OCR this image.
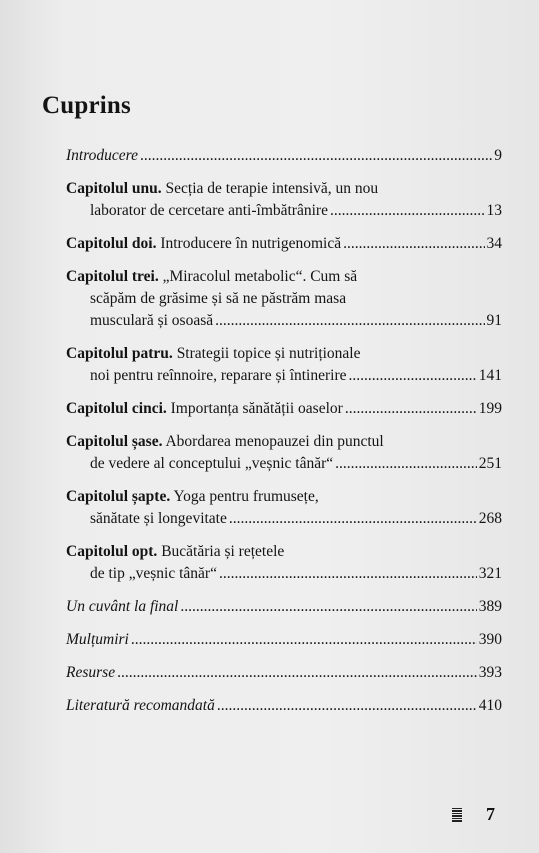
Cuprins
Introducere .....	9
Capitolul unu. Secția de terapie intensivă, un nou
laborator de cercetare anti-îmbătrânire .....	13
Capitolul doi. Introducere în nutrigenomică .....	34
Capitolul trei. „Miracolul metabolic“. Cum să
scăpăm de grăsime și să ne păstrăm masa
musculară și osoasă .....	91
Capitolul patru. Strategii topice și nutriționale
noi pentru reînnoire, reparare și întinerire .....	141
Capitolul cinci. Importanța sănătății oaselor .....	199
Capitolul șase. Abordarea menopauzei din punctul
de vedere al conceptului „veșnic tânăr“ .....	251
Capitolul șapte. Yoga pentru frumusețe,
sănătate și longevitate .....	268
Capitolul opt. Bucătăria și rețetele
de tip „veșnic tânăr“ .....	321
Un cuvânt la final .....	389
Mulțumiri .....	390
Resurse .....	393
Literatură recomandată .....	410
7
